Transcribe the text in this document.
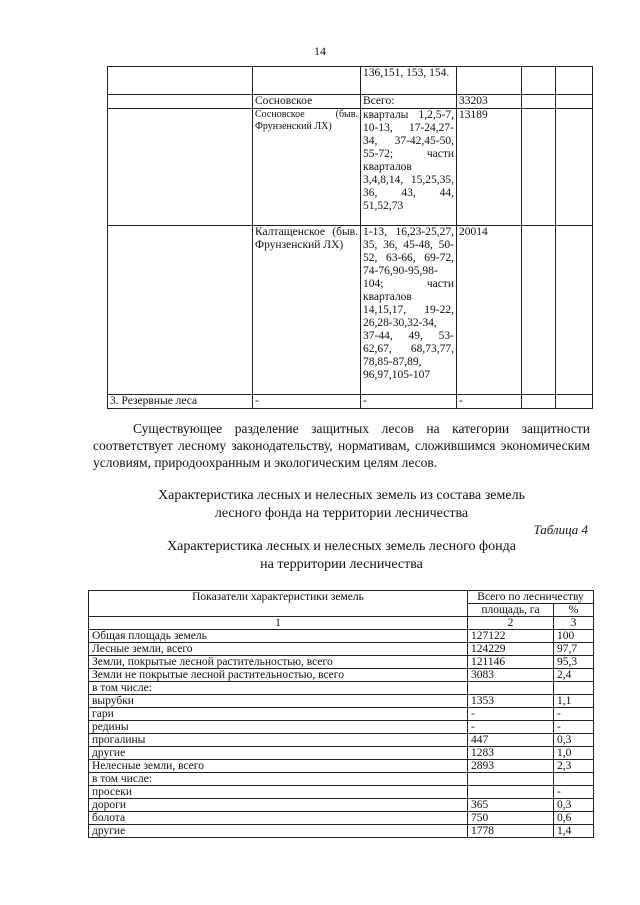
14
		136,151, 153, 154.			
	Сосновское	Всего:	33203		
	Сосновское (быв. Фрунзенский ЛХ)	кварталы 1,2,5-7, 10-13, 17-24,27-34, 37-42,45-50, 55-72; части кварталов 3,4,8,14, 15,25,35, 36, 43, 44, 51,52,73	13189		
	Калтащенское (быв. Фрунзенский ЛХ)	1-13, 16,23-25,27, 35, 36, 45-48, 50-52, 63-66, 69-72, 74-76,90-95,98-104; части кварталов 14,15,17, 19-22, 26,28-30,32-34, 37-44, 49, 53-62,67, 68,73,77, 78,85-87,89, 96,97,105-107	20014		
3. Резервные леса	-	-	-		
Существующее разделение защитных лесов на категории защитности соответствует лесному законодательству, нормативам, сложившимся экономическим условиям, природоохранным и экологическим целям лесов.
Характеристика лесных и нелесных земель из состава земель
лесного фонда на территории лесничества
Таблица 4
Характеристика лесных и нелесных земель лесного фонда
на территории лесничества
Показатели характеристики земель	Всего по лесничеству	
	площадь, га	%
1	2	3
Общая площадь земель	127122	100
Лесные земли, всего	124229	97,7
Земли, покрытые лесной растительностью, всего	121146	95,3
Земли не покрытые лесной растительностью, всего	3083	2,4
в том числе:		
вырубки	1353	1,1
гари	-	-
редины	-	-
прогалины	447	0,3
другие	1283	1,0
Нелесные земли, всего	2893	2,3
в том числе:		
просеки		-
дороги	365	0,3
болота	750	0,6
другие	1778	1,4
